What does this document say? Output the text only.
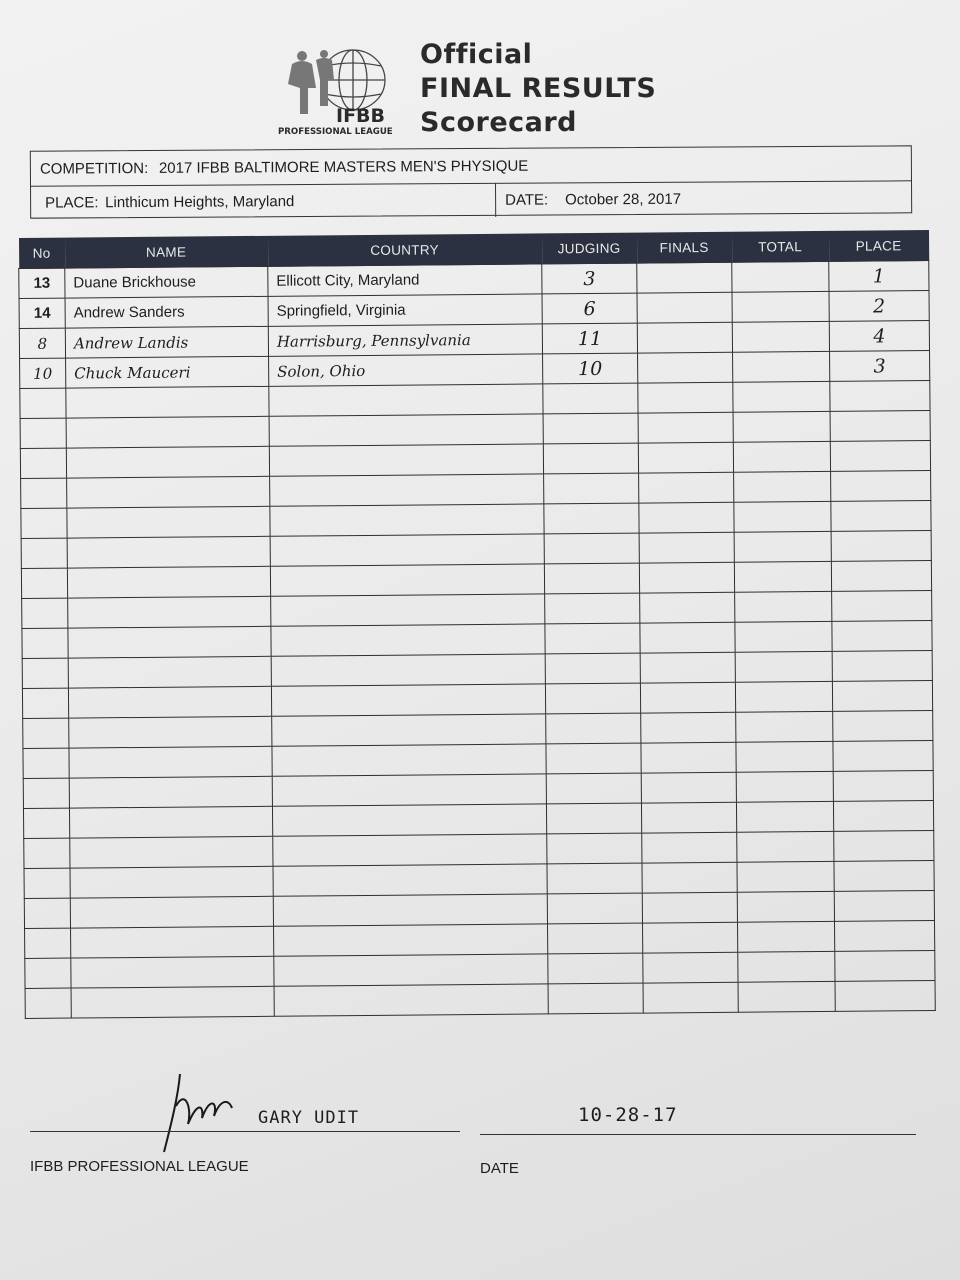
IFBB
PROFESSIONAL LEAGUE
Official
FINAL RESULTS
Scorecard
COMPETITION: 2017 IFBB BALTIMORE MASTERS MEN'S PHYSIQUE
PLACE: Linthicum Heights, Maryland	DATE: October 28, 2017
No	NAME	COUNTRY	JUDGING	FINALS	TOTAL	PLACE
13	Duane Brickhouse	Ellicott City, Maryland	3			1
14	Andrew Sanders	Springfield, Virginia	6			2
8	Andrew Landis	Harrisburg, Pennsylvania	11			4
10	Chuck Mauceri	Solon, Ohio	10			3

GARY UDIT	10-28-17
IFBB PROFESSIONAL LEAGUE	DATE
